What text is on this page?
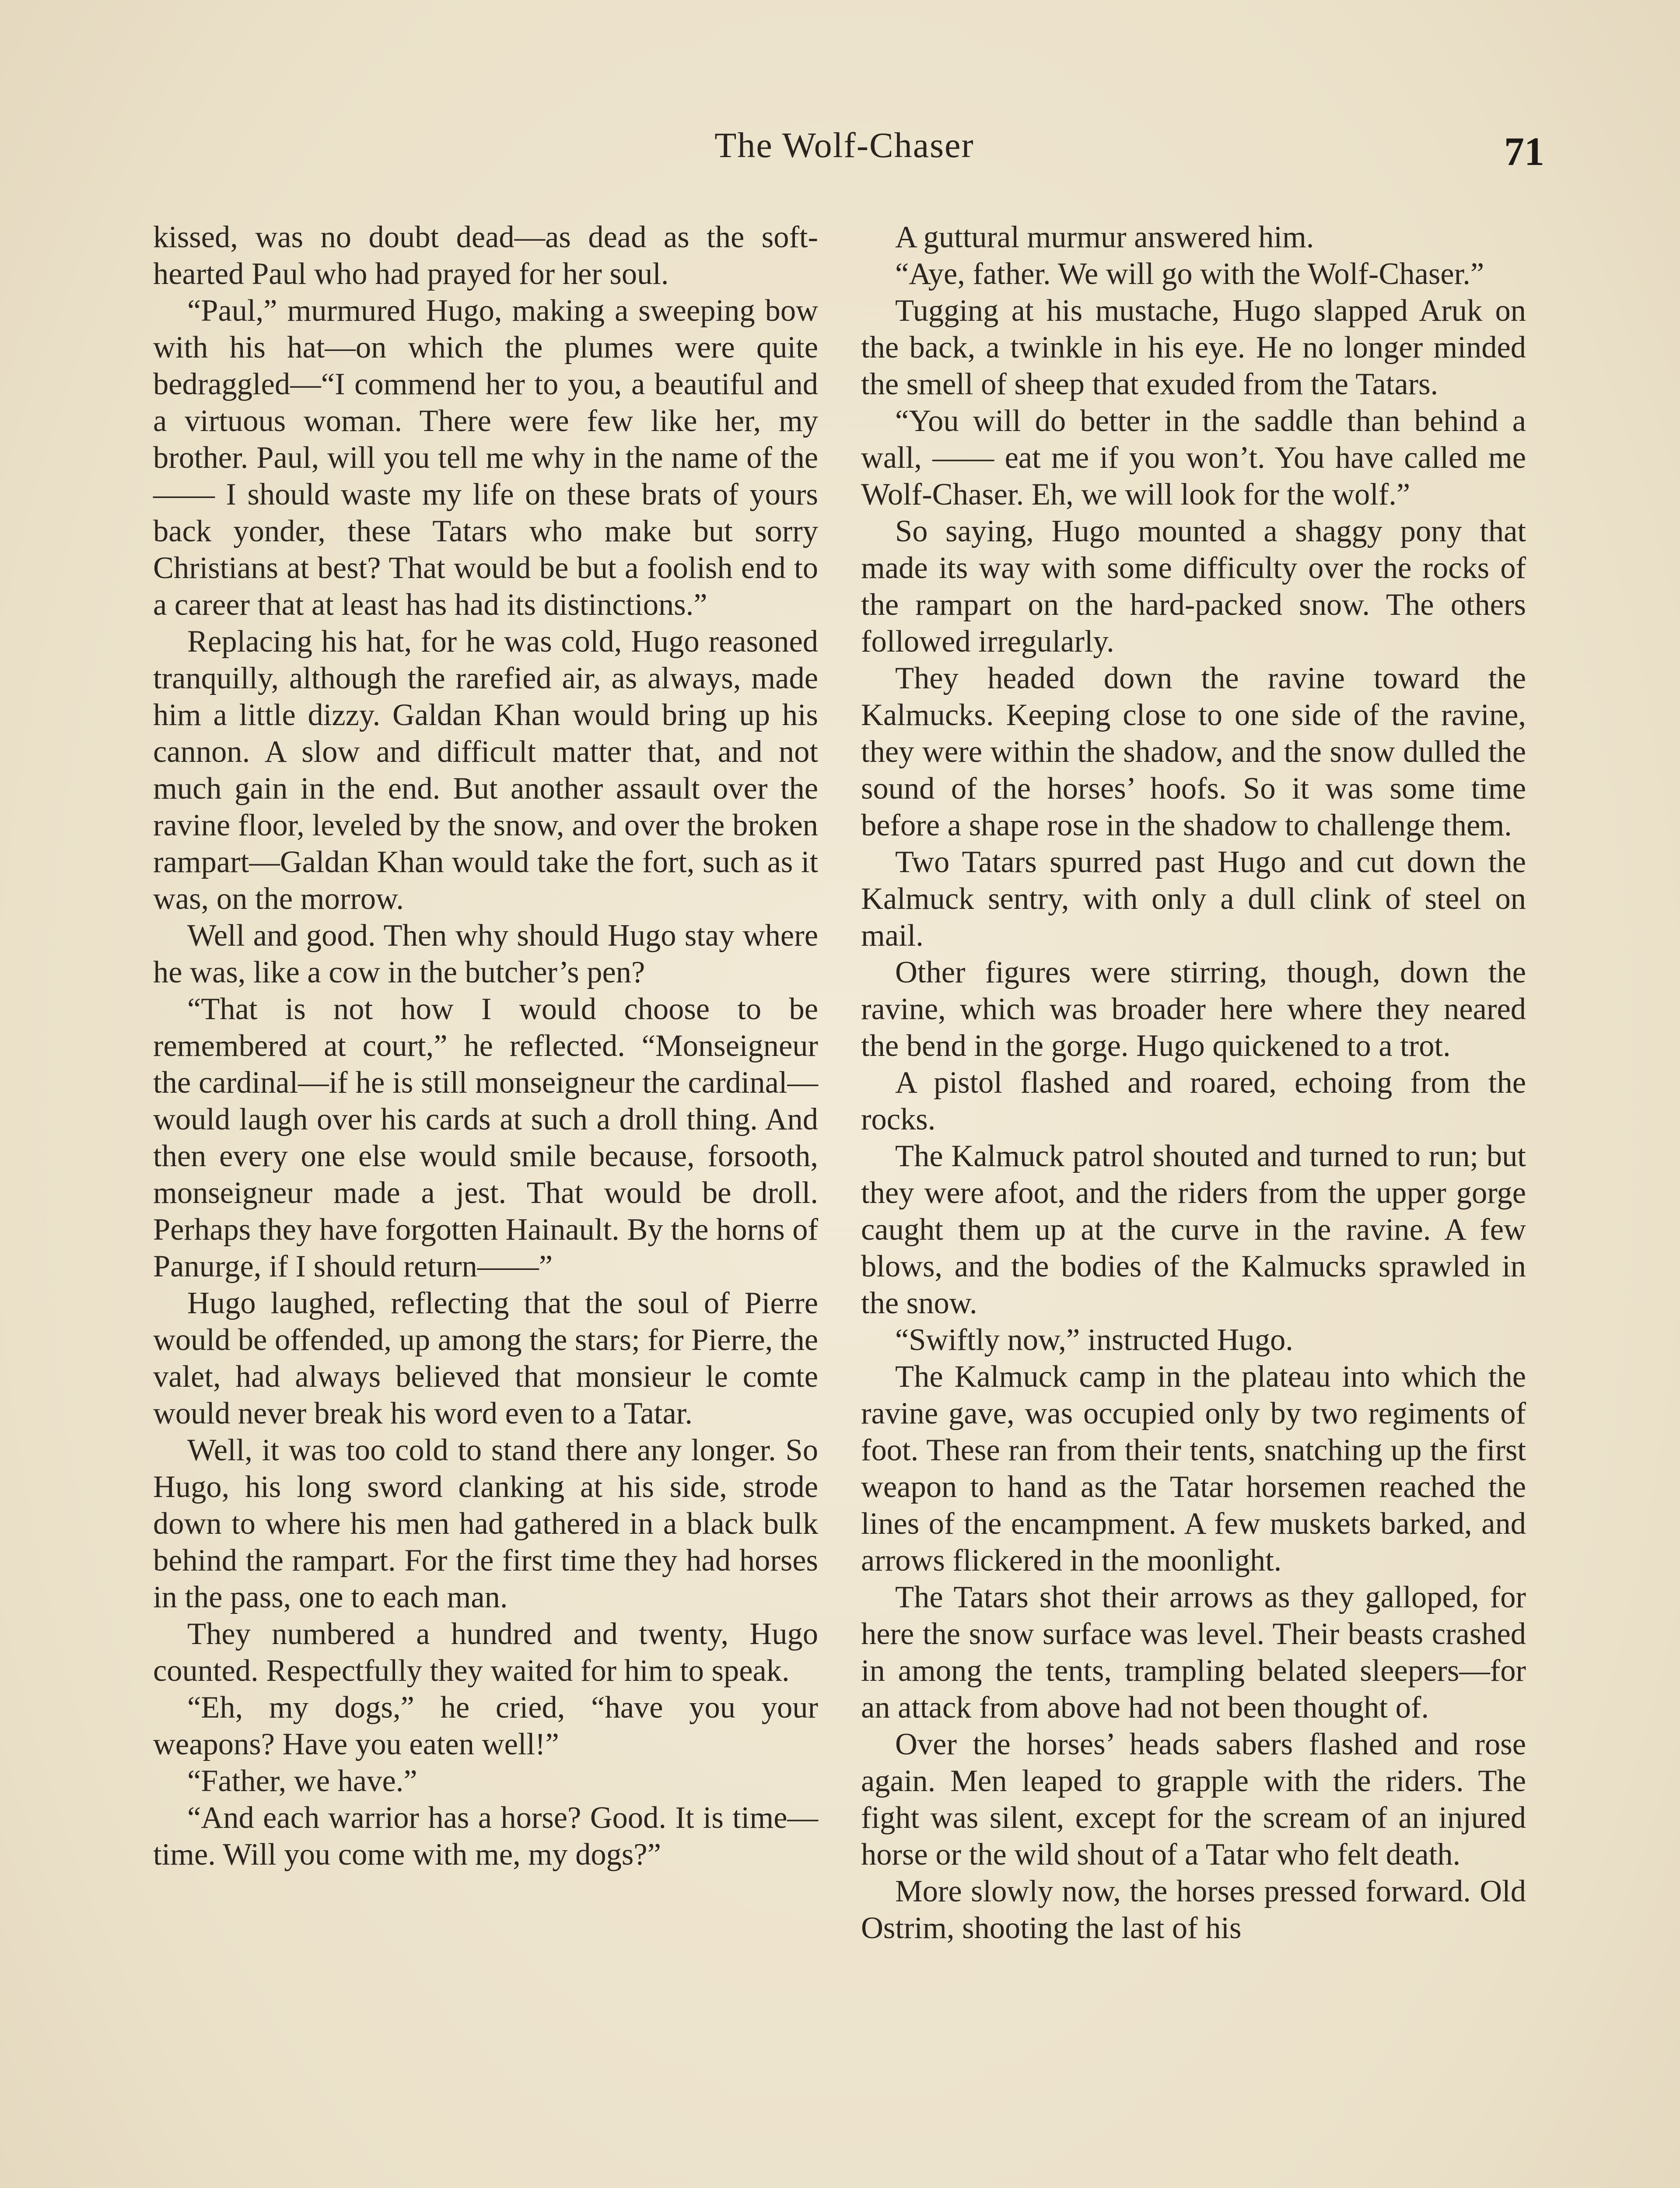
The Wolf-Chaser	71

kissed, was no doubt dead—as dead as the soft-hearted Paul who had prayed for her soul.

“Paul,” murmured Hugo, making a sweeping bow with his hat—on which the plumes were quite bedraggled—“I commend her to you, a beautiful and a virtuous woman. There were few like her, my brother. Paul, will you tell me why in the name of the —— I should waste my life on these brats of yours back yonder, these Tatars who make but sorry Christians at best? That would be but a foolish end to a career that at least has had its distinctions.”

Replacing his hat, for he was cold, Hugo reasoned tranquilly, although the rarefied air, as always, made him a little dizzy. Galdan Khan would bring up his cannon. A slow and difficult matter that, and not much gain in the end. But another assault over the ravine floor, leveled by the snow, and over the broken rampart—Galdan Khan would take the fort, such as it was, on the morrow.

Well and good. Then why should Hugo stay where he was, like a cow in the butcher’s pen?

“That is not how I would choose to be remembered at court,” he reflected. “Monseigneur the cardinal—if he is still monseigneur the cardinal—would laugh over his cards at such a droll thing. And then every one else would smile because, forsooth, monseigneur made a jest. That would be droll. Perhaps they have forgotten Hainault. By the horns of Panurge, if I should return——”

Hugo laughed, reflecting that the soul of Pierre would be offended, up among the stars; for Pierre, the valet, had always believed that monsieur le comte would never break his word even to a Tatar.

Well, it was too cold to stand there any longer. So Hugo, his long sword clanking at his side, strode down to where his men had gathered in a black bulk behind the rampart. For the first time they had horses in the pass, one to each man.

They numbered a hundred and twenty, Hugo counted. Respectfully they waited for him to speak.

“Eh, my dogs,” he cried, “have you your weapons? Have you eaten well!”

“Father, we have.”

“And each warrior has a horse? Good. It is time—time. Will you come with me, my dogs?”

A guttural murmur answered him.

“Aye, father. We will go with the Wolf-Chaser.”

Tugging at his mustache, Hugo slapped Aruk on the back, a twinkle in his eye. He no longer minded the smell of sheep that exuded from the Tatars.

“You will do better in the saddle than behind a wall, —— eat me if you won’t. You have called me Wolf-Chaser. Eh, we will look for the wolf.”

So saying, Hugo mounted a shaggy pony that made its way with some difficulty over the rocks of the rampart on the hard-packed snow. The others followed irregularly.

They headed down the ravine toward the Kalmucks. Keeping close to one side of the ravine, they were within the shadow, and the snow dulled the sound of the horses’ hoofs. So it was some time before a shape rose in the shadow to challenge them.

Two Tatars spurred past Hugo and cut down the Kalmuck sentry, with only a dull clink of steel on mail.

Other figures were stirring, though, down the ravine, which was broader here where they neared the bend in the gorge. Hugo quickened to a trot.

A pistol flashed and roared, echoing from the rocks.

The Kalmuck patrol shouted and turned to run; but they were afoot, and the riders from the upper gorge caught them up at the curve in the ravine. A few blows, and the bodies of the Kalmucks sprawled in the snow.

“Swiftly now,” instructed Hugo.

The Kalmuck camp in the plateau into which the ravine gave, was occupied only by two regiments of foot. These ran from their tents, snatching up the first weapon to hand as the Tatar horsemen reached the lines of the encampment. A few muskets barked, and arrows flickered in the moonlight.

The Tatars shot their arrows as they galloped, for here the snow surface was level. Their beasts crashed in among the tents, trampling belated sleepers—for an attack from above had not been thought of.

Over the horses’ heads sabers flashed and rose again. Men leaped to grapple with the riders. The fight was silent, except for the scream of an injured horse or the wild shout of a Tatar who felt death.

More slowly now, the horses pressed forward. Old Ostrim, shooting the last of his
